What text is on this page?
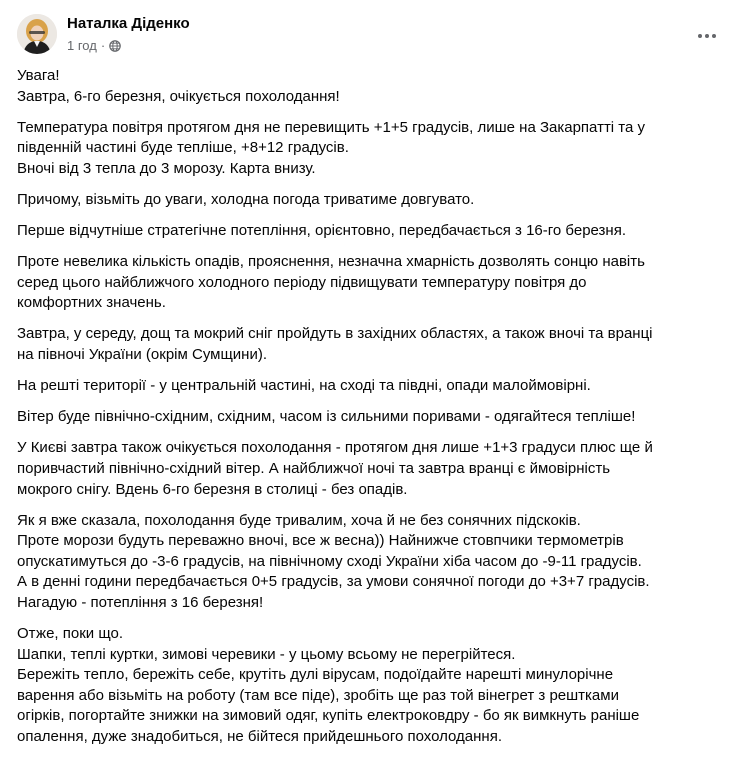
Наталка Діденко
1 год ·
Увага!
Завтра, 6-го березня, очікується похолодання!
Температура повітря протягом дня не перевищить +1+5 градусів, лише на Закарпатті та у
південній частині буде тепліше, +8+12 градусів.
Вночі від 3 тепла до 3 морозу. Карта внизу.
Причому, візьміть до уваги, холодна погода триватиме довгувато.
Перше відчутніше стратегічне потепління, орієнтовно, передбачається з 16-го березня.
Проте невелика кількість опадів, прояснення, незначна хмарність дозволять сонцю навіть
серед цього найближчого холодного періоду підвищувати температуру повітря до
комфортних значень.
Завтра, у середу, дощ та мокрий сніг пройдуть в західних областях, а також вночі та вранці
на півночі України (окрім Сумщини).
На решті території - у центральній частині, на сході та півдні, опади малоймовірні.
Вітер буде північно-східним, східним, часом із сильними поривами - одягайтеся тепліше!
У Києві завтра також очікується похолодання - протягом дня лише +1+3 градуси плюс ще й
поривчастий північно-східний вітер. А найближчої ночі та завтра вранці є ймовірність
мокрого снігу. Вдень 6-го березня в столиці - без опадів.
Як я вже сказала, похолодання буде тривалим, хоча й не без сонячних підскоків.
Проте морози будуть переважно вночі, все ж весна)) Найнижче стовпчики термометрів
опускатимуться до -3-6 градусів, на північному сході України хіба часом до -9-11 градусів.
А в денні години передбачається 0+5 градусів, за умови сонячної погоди до +3+7 градусів.
Нагадую - потепління з 16 березня!
Отже, поки що.
Шапки, теплі куртки, зимові черевики - у цьому всьому не перегрійтеся.
Бережіть тепло, бережіть себе, крутіть дулі вірусам, подоїдайте нарешті минулорічне
варення або візьміть на роботу (там все піде), зробіть ще раз той вінегрет з рештками
огірків, погортайте знижки на зимовий одяг, купіть електроковдру - бо як вимкнуть раніше
опалення, дуже знадобиться, не бійтеся прийдешнього похолодання.
